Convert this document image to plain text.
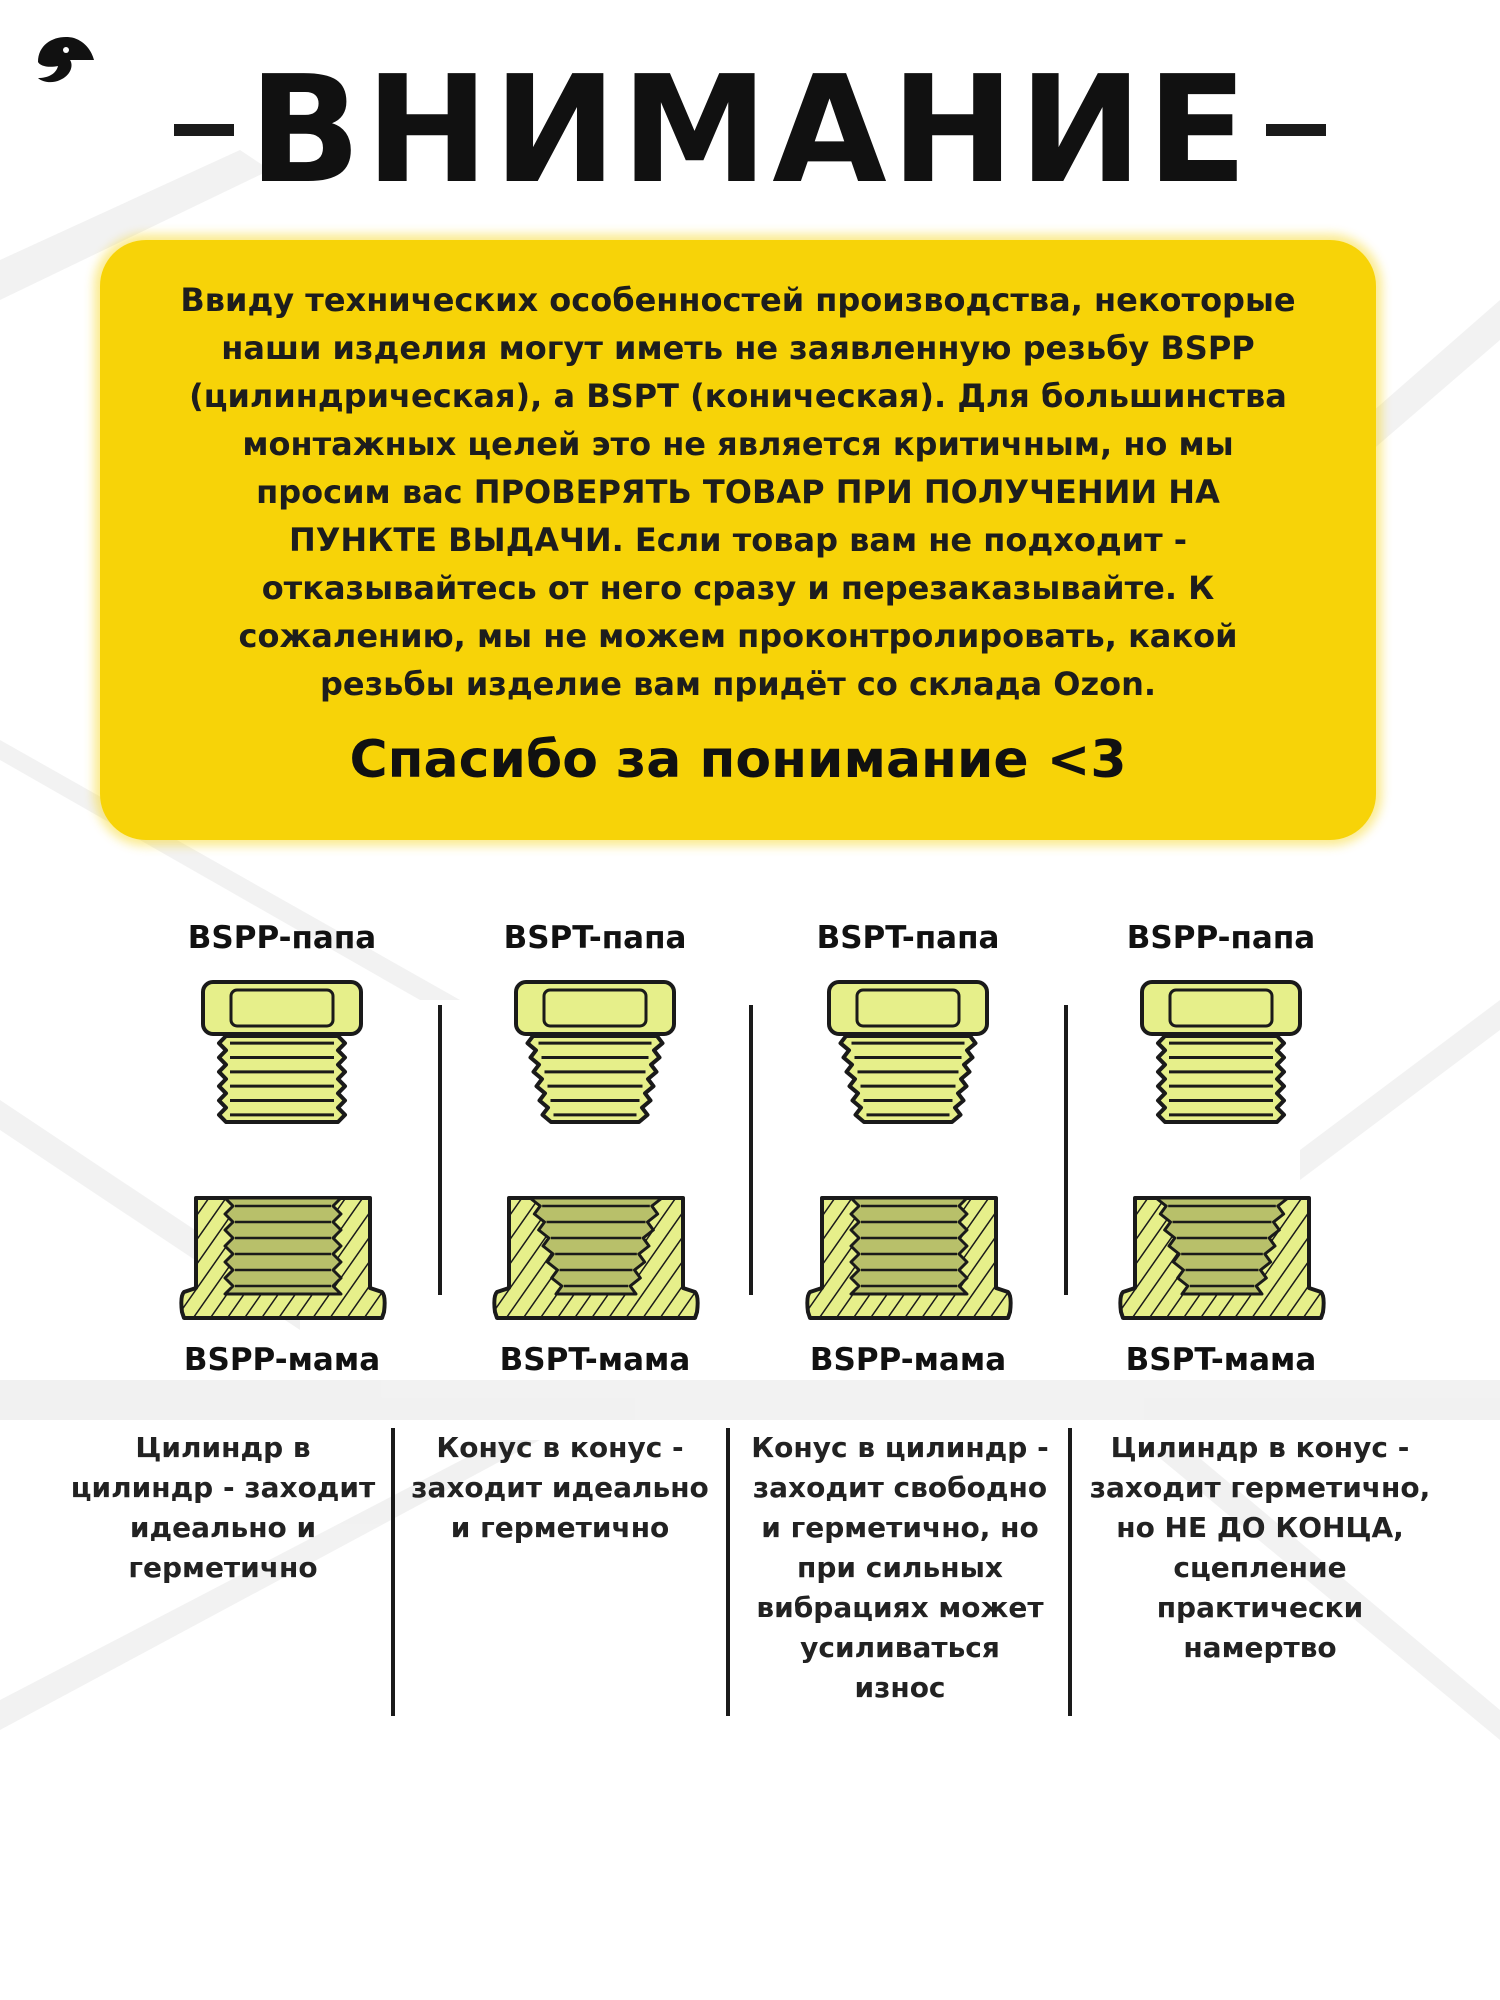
ВНИМАНИЕ
Ввиду технических особенностей производства, некоторые
наши изделия могут иметь не заявленную резьбу BSPP
(цилиндрическая), а BSPT (коническая). Для большинства
монтажных целей это не является критичным, но мы
просим вас ПРОВЕРЯТЬ ТОВАР ПРИ ПОЛУЧЕНИИ НА
ПУНКТЕ ВЫДАЧИ. Если товар вам не подходит -
отказывайтесь от него сразу и перезаказывайте. К
сожалению, мы не можем проконтролировать, какой
резьбы изделие вам придёт со склада Ozon.
Спасибо за понимание <3
BSPP-папа
BSPP-мама
BSPT-папа
BSPT-мама
BSPT-папа
BSPP-мама
BSPP-папа
BSPT-мама
Цилиндр в
цилиндр - заходит
идеально и
герметично
Конус в конус -
заходит идеально
и герметично
Конус в цилиндр -
заходит свободно
и герметично, но
при сильных
вибрациях может
усиливаться
износ
Цилиндр в конус -
заходит герметично,
но НЕ ДО КОНЦА,
сцепление
практически
намертво
